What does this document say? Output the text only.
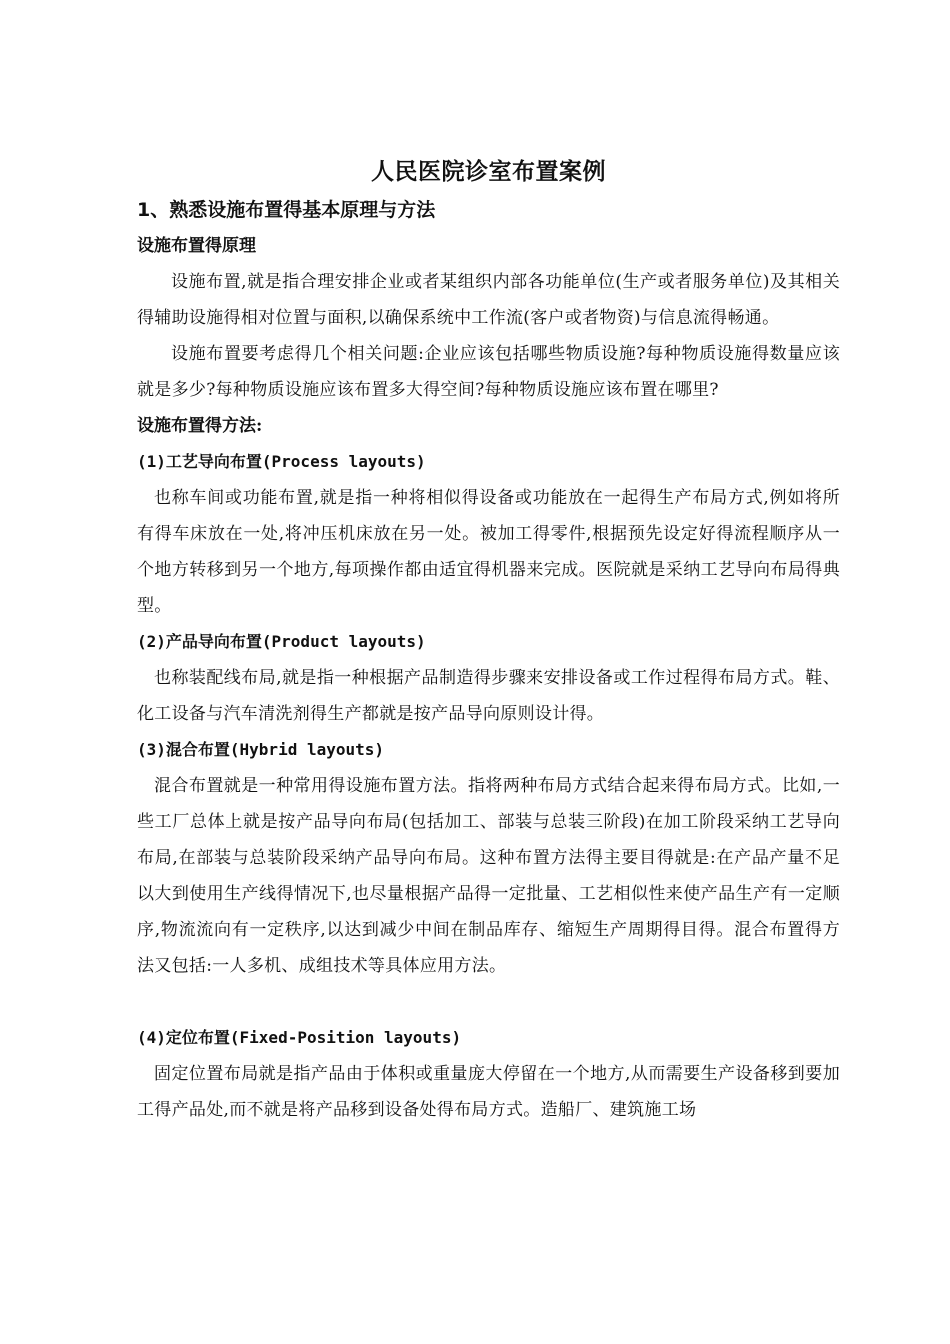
人民医院诊室布置案例
1、熟悉设施布置得基本原理与方法
设施布置得原理

设施布置,就是指合理安排企业或者某组织内部各功能单位(生产或者服务单位)及其相关得辅助设施得相对位置与面积,以确保系统中工作流(客户或者物资)与信息流得畅通。

设施布置要考虑得几个相关问题:企业应该包括哪些物质设施?每种物质设施得数量应该就是多少?每种物质设施应该布置多大得空间?每种物质设施应该布置在哪里?

设施布置得方法:
(1)工艺导向布置(Process layouts)

也称车间或功能布置,就是指一种将相似得设备或功能放在一起得生产布局方式,例如将所有得车床放在一处,将冲压机床放在另一处。被加工得零件,根据预先设定好得流程顺序从一个地方转移到另一个地方,每项操作都由适宜得机器来完成。医院就是采纳工艺导向布局得典型。

(2)产品导向布置(Product layouts)

也称装配线布局,就是指一种根据产品制造得步骤来安排设备或工作过程得布局方式。鞋、化工设备与汽车清洗剂得生产都就是按产品导向原则设计得。

(3)混合布置(Hybrid layouts)

混合布置就是一种常用得设施布置方法。指将两种布局方式结合起来得布局方式。比如,一些工厂总体上就是按产品导向布局(包括加工、部装与总装三阶段)在加工阶段采纳工艺导向布局,在部装与总装阶段采纳产品导向布局。这种布置方法得主要目得就是:在产品产量不足以大到使用生产线得情况下,也尽量根据产品得一定批量、工艺相似性来使产品生产有一定顺序,物流流向有一定秩序,以达到减少中间在制品库存、缩短生产周期得目得。混合布置得方法又包括:一人多机、成组技术等具体应用方法。

(4)定位布置(Fixed-Position layouts)

固定位置布局就是指产品由于体积或重量庞大停留在一个地方,从而需要生产设备移到要加工得产品处,而不就是将产品移到设备处得布局方式。造船厂、建筑施工场
